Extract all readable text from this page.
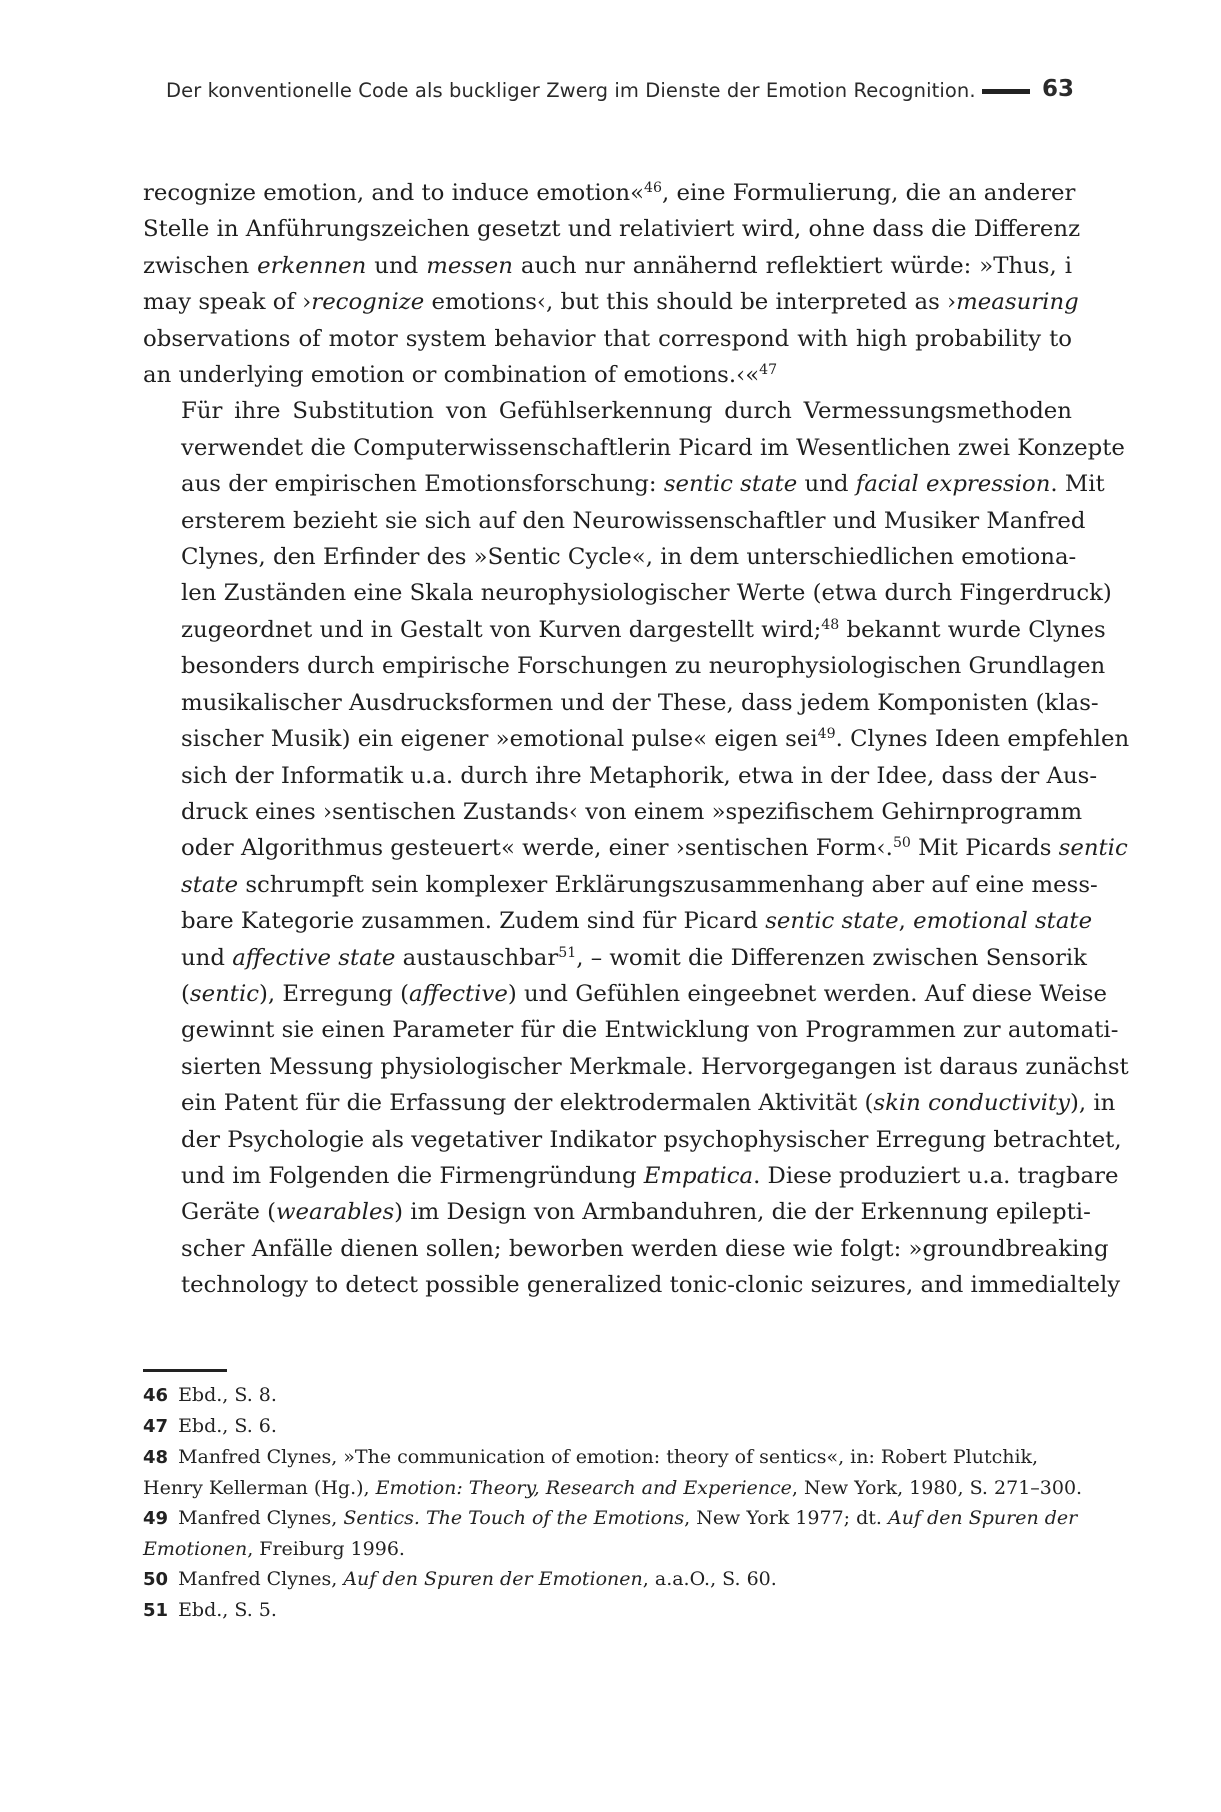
Der konventionelle Code als buckliger Zwerg im Dienste der Emotion Recognition.	63

recognize emotion, and to induce emotion«$^{46}$, eine Formulierung, die an anderer
Stelle in Anführungszeichen gesetzt und relativiert wird, ohne dass die Differenz
zwischen erkennen und messen auch nur annähernd reflektiert würde: »Thus, i
may speak of ›recognize emotions‹, but this should be interpreted as ›measuring
observations of motor system behavior that correspond with high probability to
an underlying emotion or combination of emotions.‹«$^{47}$

Für ihre Substitution von Gefühlserkennung durch Vermessungsmethoden
verwendet die Computerwissenschaftlerin Picard im Wesentlichen zwei Konzepte
aus der empirischen Emotionsforschung: sentic state und facial expression. Mit
ersterem bezieht sie sich auf den Neurowissenschaftler und Musiker Manfred
Clynes, den Erfinder des »Sentic Cycle«, in dem unterschiedlichen emotiona-
len Zuständen eine Skala neurophysiologischer Werte (etwa durch Fingerdruck)
zugeordnet und in Gestalt von Kurven dargestellt wird;$^{48}$ bekannt wurde Clynes
besonders durch empirische Forschungen zu neurophysiologischen Grundlagen
musikalischer Ausdrucksformen und der These, dass jedem Komponisten (klas-
sischer Musik) ein eigener »emotional pulse« eigen sei$^{49}$. Clynes Ideen empfehlen
sich der Informatik u.a. durch ihre Metaphorik, etwa in der Idee, dass der Aus-
druck eines ›sentischen Zustands‹ von einem »spezifischem Gehirnprogramm
oder Algorithmus gesteuert« werde, einer ›sentischen Form‹.$^{50}$ Mit Picards sentic
state schrumpft sein komplexer Erklärungszusammenhang aber auf eine mess-
bare Kategorie zusammen. Zudem sind für Picard sentic state, emotional state
und affective state austauschbar$^{51}$, – womit die Differenzen zwischen Sensorik
(sentic), Erregung (affective) und Gefühlen eingeebnet werden. Auf diese Weise
gewinnt sie einen Parameter für die Entwicklung von Programmen zur automati-
sierten Messung physiologischer Merkmale. Hervorgegangen ist daraus zunächst
ein Patent für die Erfassung der elektrodermalen Aktivität (skin conductivity), in
der Psychologie als vegetativer Indikator psychophysischer Erregung betrachtet,
und im Folgenden die Firmengründung Empatica. Diese produziert u.a. tragbare
Geräte (wearables) im Design von Armbanduhren, die der Erkennung epilepti-
scher Anfälle dienen sollen; beworben werden diese wie folgt: »groundbreaking
technology to detect possible generalized tonic-clonic seizures, and immedialtely

46 Ebd., S. 8.

47 Ebd., S. 6.

48 Manfred Clynes, »The communication of emotion: theory of sentics«, in: Robert Plutchik,
Henry Kellerman (Hg.), Emotion: Theory, Research and Experience, New York, 1980, S. 271–300.

49 Manfred Clynes, Sentics. The Touch of the Emotions, New York 1977; dt. Auf den Spuren der
Emotionen, Freiburg 1996.

50 Manfred Clynes, Auf den Spuren der Emotionen, a.a.O., S. 60.

51 Ebd., S. 5.
